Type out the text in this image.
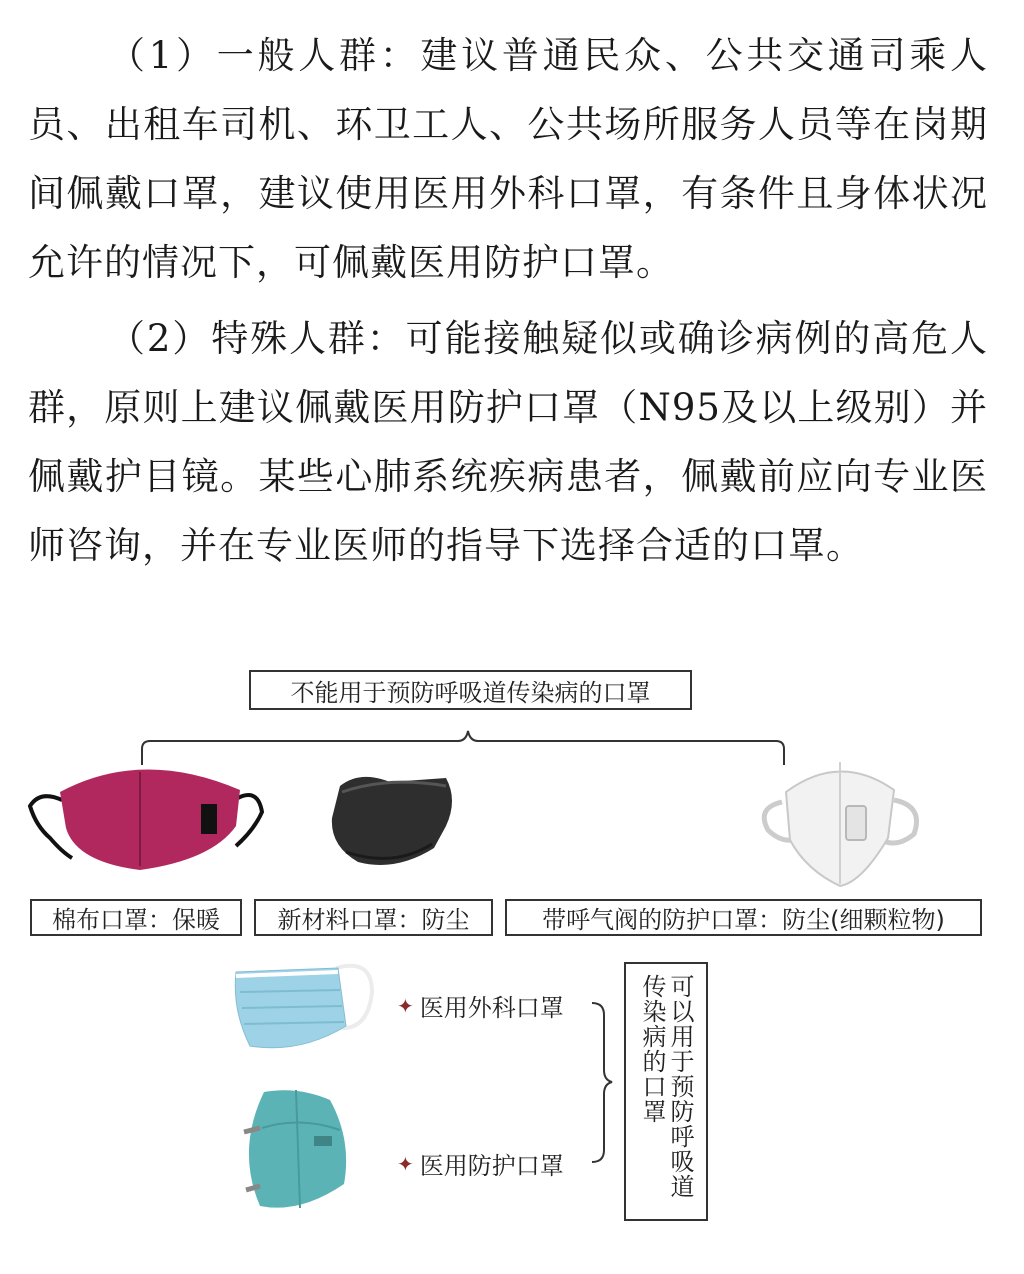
（1）一般人群：建议普通民众、公共交通司乘人员、出租车司机、环卫工人、公共场所服务人员等在岗期间佩戴口罩，建议使用医用外科口罩，有条件且身体状况允许的情况下，可佩戴医用防护口罩。

（2）特殊人群：可能接触疑似或确诊病例的高危人群，原则上建议佩戴医用防护口罩（N95及以上级别）并佩戴护目镜。某些心肺系统疾病患者，佩戴前应向专业医师咨询，并在专业医师的指导下选择合适的口罩。

不能用于预防呼吸道传染病的口罩
棉布口罩：保暖 新材料口罩：防尘	带呼气阀的防护口罩：防尘(细颗粒物)
✦ 医用外科口罩
✦ 医用防护口罩
传染病的口罩 可以用于预防呼吸道
